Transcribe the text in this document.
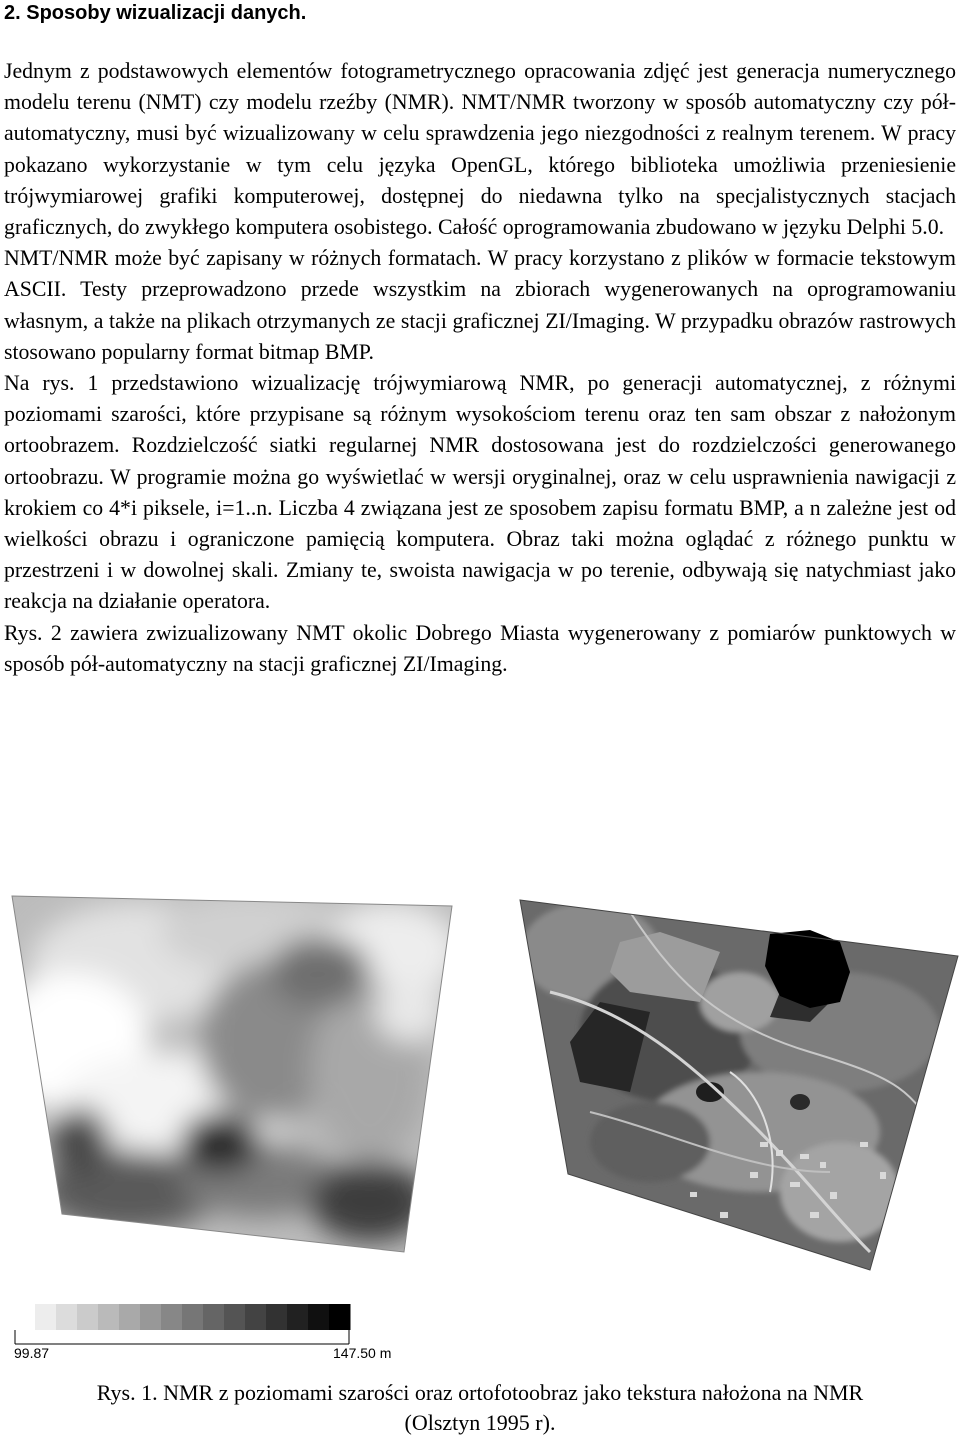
2. Sposoby wizualizacji danych.

Jednym z podstawowych elementów fotogrametrycznego opracowania zdjęć jest generacja numerycznego modelu terenu (NMT) czy modelu rzeźby (NMR). NMT/NMR tworzony w sposób automatyczny czy pół-automatyczny, musi być wizualizowany w celu sprawdzenia jego niezgodności z realnym terenem. W pracy pokazano wykorzystanie w tym celu języka OpenGL, którego biblioteka umożliwia przeniesienie trójwymiarowej grafiki komputerowej, dostępnej do niedawna tylko na specjalistycznych stacjach graficznych, do zwykłego komputera osobistego. Całość oprogramowania zbudowano w języku Delphi 5.0.

NMT/NMR może być zapisany w różnych formatach. W pracy korzystano z plików w formacie tekstowym ASCII. Testy przeprowadzono przede wszystkim na zbiorach wygenerowanych na oprogramowaniu własnym, a także na plikach otrzymanych ze stacji graficznej ZI/Imaging. W przypadku obrazów rastrowych stosowano popularny format bitmap BMP.

Na rys. 1 przedstawiono wizualizację trójwymiarową NMR, po generacji automatycznej, z różnymi poziomami szarości, które przypisane są różnym wysokościom terenu oraz ten sam obszar z nałożonym ortoobrazem. Rozdzielczość siatki regularnej NMR dostosowana jest do rozdzielczości generowanego ortoobrazu. W programie można go wyświetlać w wersji oryginalnej, oraz w celu usprawnienia nawigacji z krokiem co 4*i piksele, i=1..n. Liczba 4 związana jest ze sposobem zapisu formatu BMP, a n zależne jest od wielkości obrazu i ograniczone pamięcią komputera. Obraz taki można oglądać z różnego punktu w przestrzeni i w dowolnej skali. Zmiany te, swoista nawigacja w po terenie, odbywają się natychmiast jako reakcja na działanie operatora.

Rys. 2 zawiera zwizualizowany NMT okolic Dobrego Miasta wygenerowany z pomiarów punktowych w sposób pół-automatyczny na stacji graficznej ZI/Imaging.

99.87	147.50 m

Rys. 1. NMR z poziomami szarości oraz ortofotoobraz jako tekstura nałożona na NMR
(Olsztyn 1995 r).
